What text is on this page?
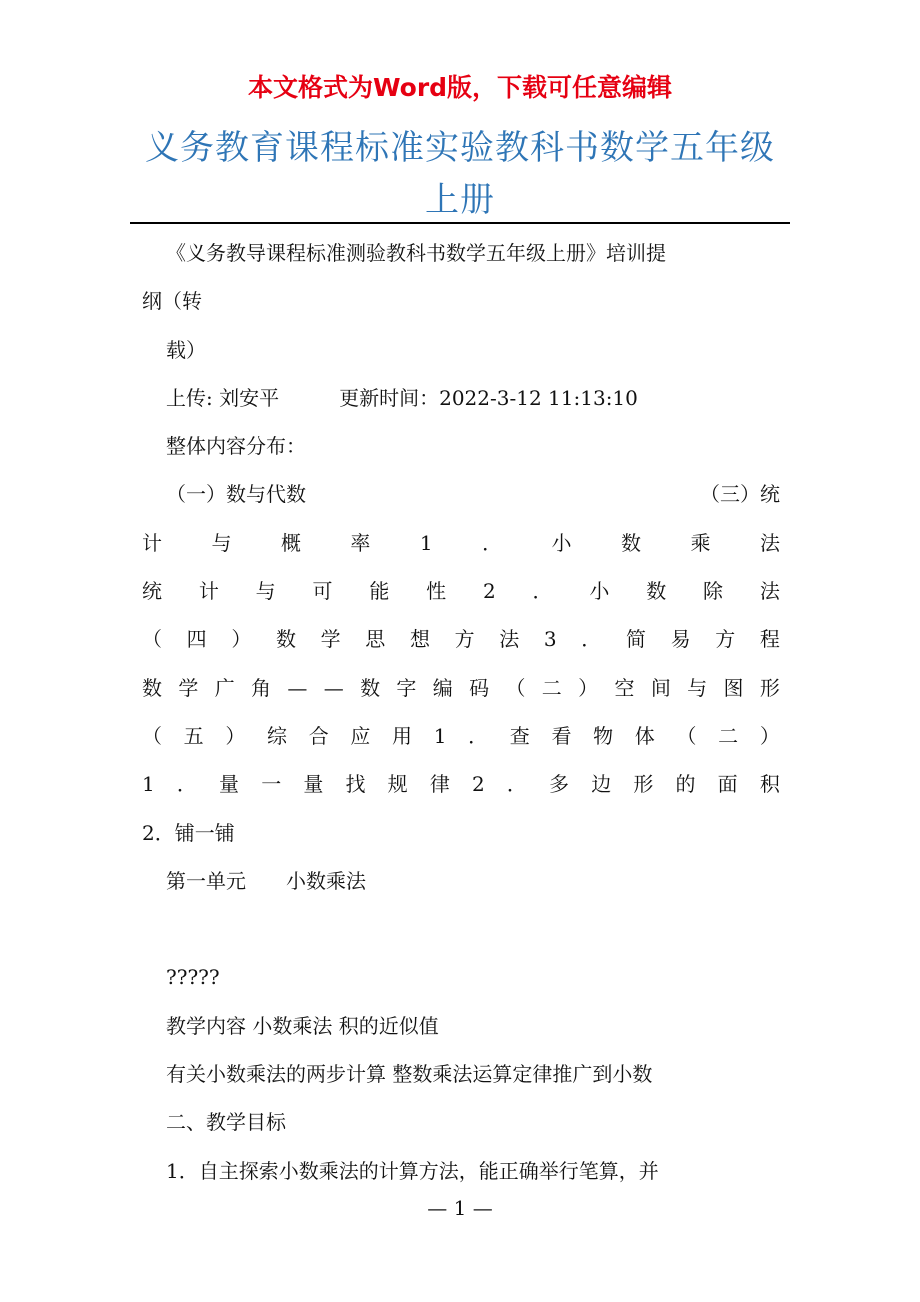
本文格式为Word版，下载可任意编辑
义务教育课程标准实验教科书数学五年级
上册
《义务教导课程标准测验教科书数学五年级上册》培训提
纲（转
载）
上传: 刘安平	更新时间：2022-3-12 11:13:10
整体内容分布：
（一）数与代数	（三）统
计 与 概 率 1 ． 小 数 乘 法
统 计 与 可 能 性 2 ． 小 数 除 法
（ 四 ） 数 学 思 想 方 法 3 ． 简 易 方 程
数 学 广 角 — — 数 字 编 码 （ 二 ） 空 间 与 图 形
（ 五 ） 综 合 应 用 1 ． 查 看 物 体 （ 二 ）
1 ． 量 一 量 找 规 律 2 ． 多 边 形 的 面 积
2．铺一铺
第一单元 小数乘法
?????
教学内容 小数乘法 积的近似值
有关小数乘法的两步计算 整数乘法运算定律推广到小数
二、教学目标
1．自主探索小数乘法的计算方法，能正确举行笔算，并
— 1 —
